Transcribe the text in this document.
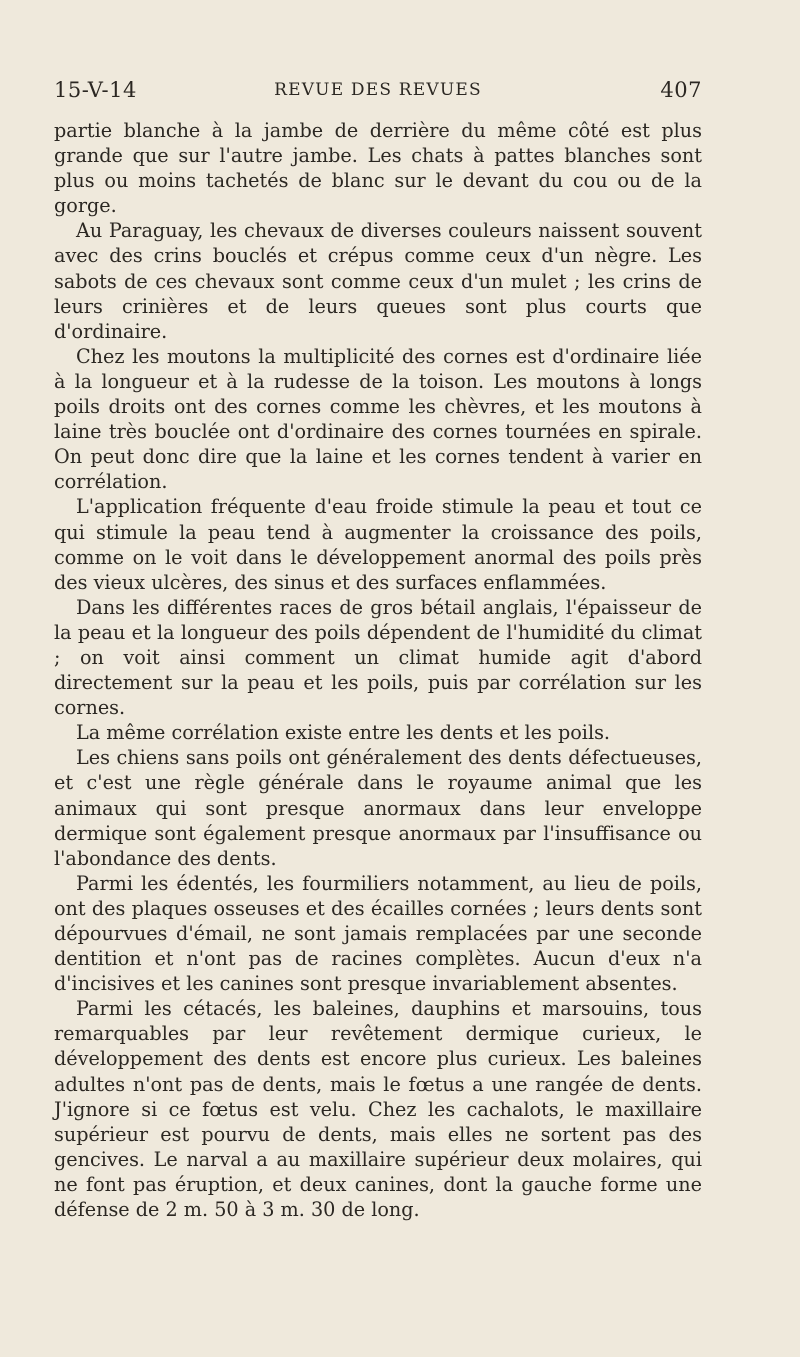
15-V-14	REVUE DES REVUES	407

partie blanche à la jambe de derrière du même côté est plus grande que sur l'autre jambe. Les chats à pattes blanches sont plus ou moins tachetés de blanc sur le devant du cou ou de la gorge.

Au Paraguay, les chevaux de diverses couleurs naissent souvent avec des crins bouclés et crépus comme ceux d'un nègre. Les sabots de ces chevaux sont comme ceux d'un mulet ; les crins de leurs crinières et de leurs queues sont plus courts que d'ordinaire.

Chez les moutons la multiplicité des cornes est d'ordinaire liée à la longueur et à la rudesse de la toison. Les moutons à longs poils droits ont des cornes comme les chèvres, et les moutons à laine très bouclée ont d'ordinaire des cornes tournées en spirale. On peut donc dire que la laine et les cornes tendent à varier en corrélation.

L'application fréquente d'eau froide stimule la peau et tout ce qui stimule la peau tend à augmenter la croissance des poils, comme on le voit dans le développement anormal des poils près des vieux ulcères, des sinus et des surfaces enflammées.

Dans les différentes races de gros bétail anglais, l'épaisseur de la peau et la longueur des poils dépendent de l'humidité du climat ; on voit ainsi comment un climat humide agit d'abord directement sur la peau et les poils, puis par corrélation sur les cornes.

La même corrélation existe entre les dents et les poils.

Les chiens sans poils ont généralement des dents défectueuses, et c'est une règle générale dans le royaume animal que les animaux qui sont presque anormaux dans leur enveloppe dermique sont également presque anormaux par l'insuffisance ou l'abondance des dents.

Parmi les édentés, les fourmiliers notamment, au lieu de poils, ont des plaques osseuses et des écailles cornées ; leurs dents sont dépourvues d'émail, ne sont jamais remplacées par une seconde dentition et n'ont pas de racines complètes. Aucun d'eux n'a d'incisives et les canines sont presque invariablement absentes.

Parmi les cétacés, les baleines, dauphins et marsouins, tous remarquables par leur revêtement dermique curieux, le développement des dents est encore plus curieux. Les baleines adultes n'ont pas de dents, mais le fœtus a une rangée de dents. J'ignore si ce fœtus est velu. Chez les cachalots, le maxillaire supérieur est pourvu de dents, mais elles ne sortent pas des gencives. Le narval a au maxillaire supérieur deux molaires, qui ne font pas éruption, et deux canines, dont la gauche forme une défense de 2 m. 50 à 3 m. 30 de long.
